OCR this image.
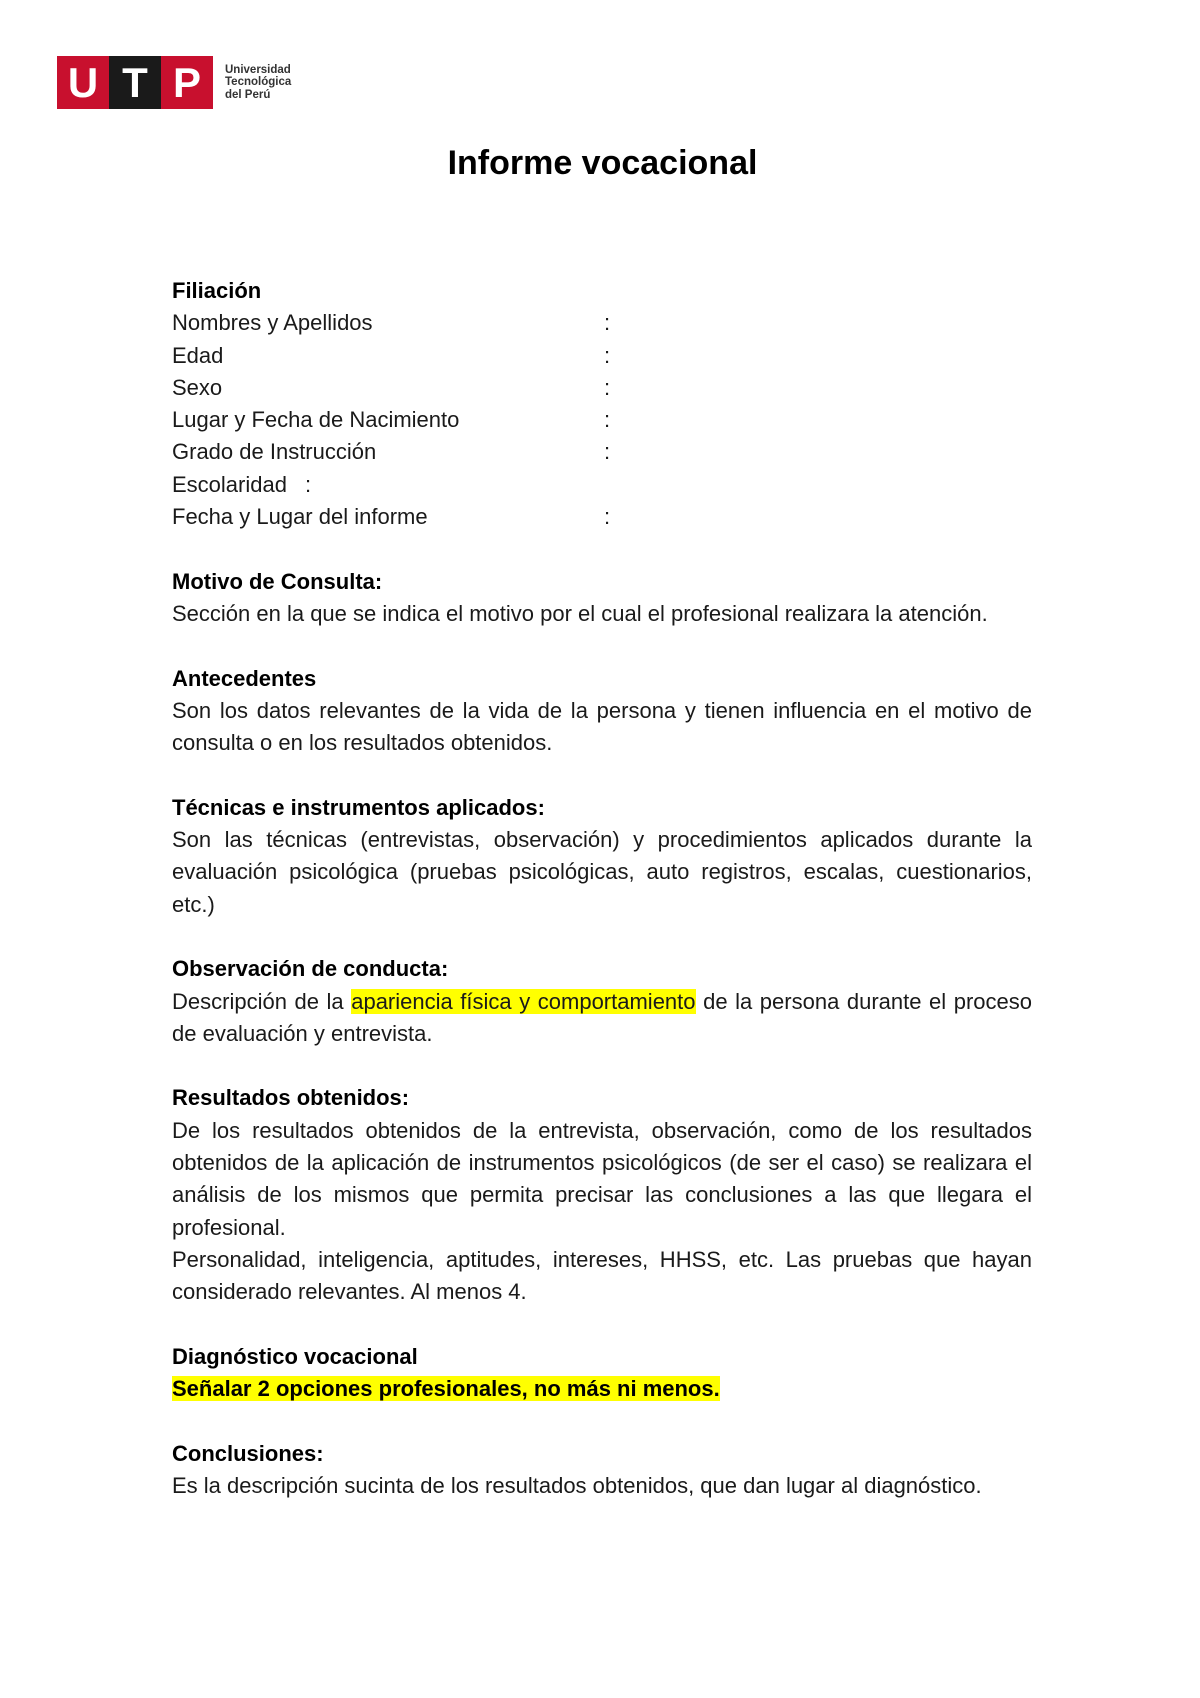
U T P	Universidad
Tecnológica
del Perú
Informe vocacional

Filiación

Nombres y Apellidos	:
Edad	:
Sexo	:
Lugar y Fecha de Nacimiento	:
Grado de Instrucción	:
Escolaridad :
Fecha y Lugar del informe	:

Motivo de Consulta:

Sección en la que se indica el motivo por el cual el profesional realizara la atención.

Antecedentes

Son los datos relevantes de la vida de la persona y tienen influencia en el motivo de consulta o en los resultados obtenidos.

Técnicas e instrumentos aplicados:

Son las técnicas (entrevistas, observación) y procedimientos aplicados durante la evaluación psicológica (pruebas psicológicas, auto registros, escalas, cuestionarios, etc.)

Observación de conducta:

Descripción de la apariencia física y comportamiento de la persona durante el proceso de evaluación y entrevista.

Resultados obtenidos:

De los resultados obtenidos de la entrevista, observación, como de los resultados obtenidos de la aplicación de instrumentos psicológicos (de ser el caso) se realizara el análisis de los mismos que permita precisar las conclusiones a las que llegara el profesional.

Personalidad, inteligencia, aptitudes, intereses, HHSS, etc. Las pruebas que hayan considerado relevantes. Al menos 4.

Diagnóstico vocacional

Señalar 2 opciones profesionales, no más ni menos.

Conclusiones:

Es la descripción sucinta de los resultados obtenidos, que dan lugar al diagnóstico.
